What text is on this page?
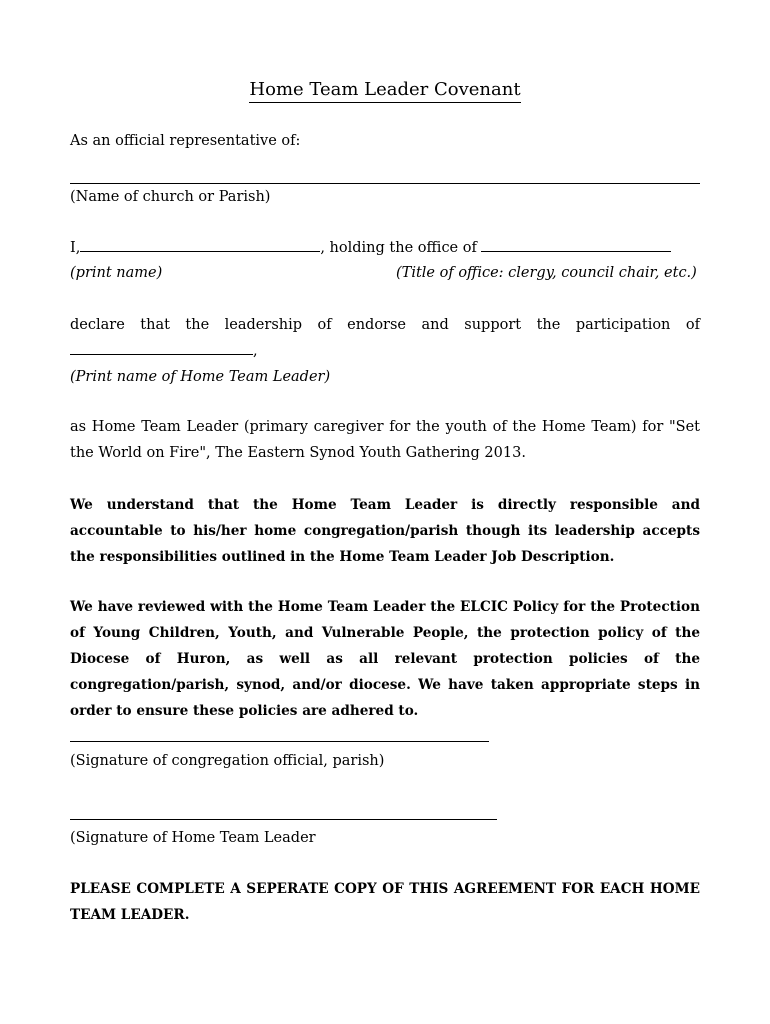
Home Team Leader Covenant
As an official representative of:
(Name of church or Parish)
I,	, holding the office of
(print name)	(Title of office: clergy, council chair, etc.)
declare that the leadership of endorse and support the participation of
,
(Print name of Home Team Leader)
as Home Team Leader (primary caregiver for the youth of the Home Team) for "Set the World on Fire", The Eastern Synod Youth Gathering 2013.
We understand that the Home Team Leader is directly responsible and accountable to his/her home congregation/parish though its leadership accepts the responsibilities outlined in the Home Team Leader Job Description.
We have reviewed with the Home Team Leader the ELCIC Policy for the Protection of Young Children, Youth, and Vulnerable People, the protection policy of the Diocese of Huron, as well as all relevant protection policies of the congregation/parish, synod, and/or diocese. We have taken appropriate steps in order to ensure these policies are adhered to.
(Signature of congregation official, parish)
(Signature of Home Team Leader
PLEASE COMPLETE A SEPERATE COPY OF THIS AGREEMENT FOR EACH HOME TEAM LEADER.
